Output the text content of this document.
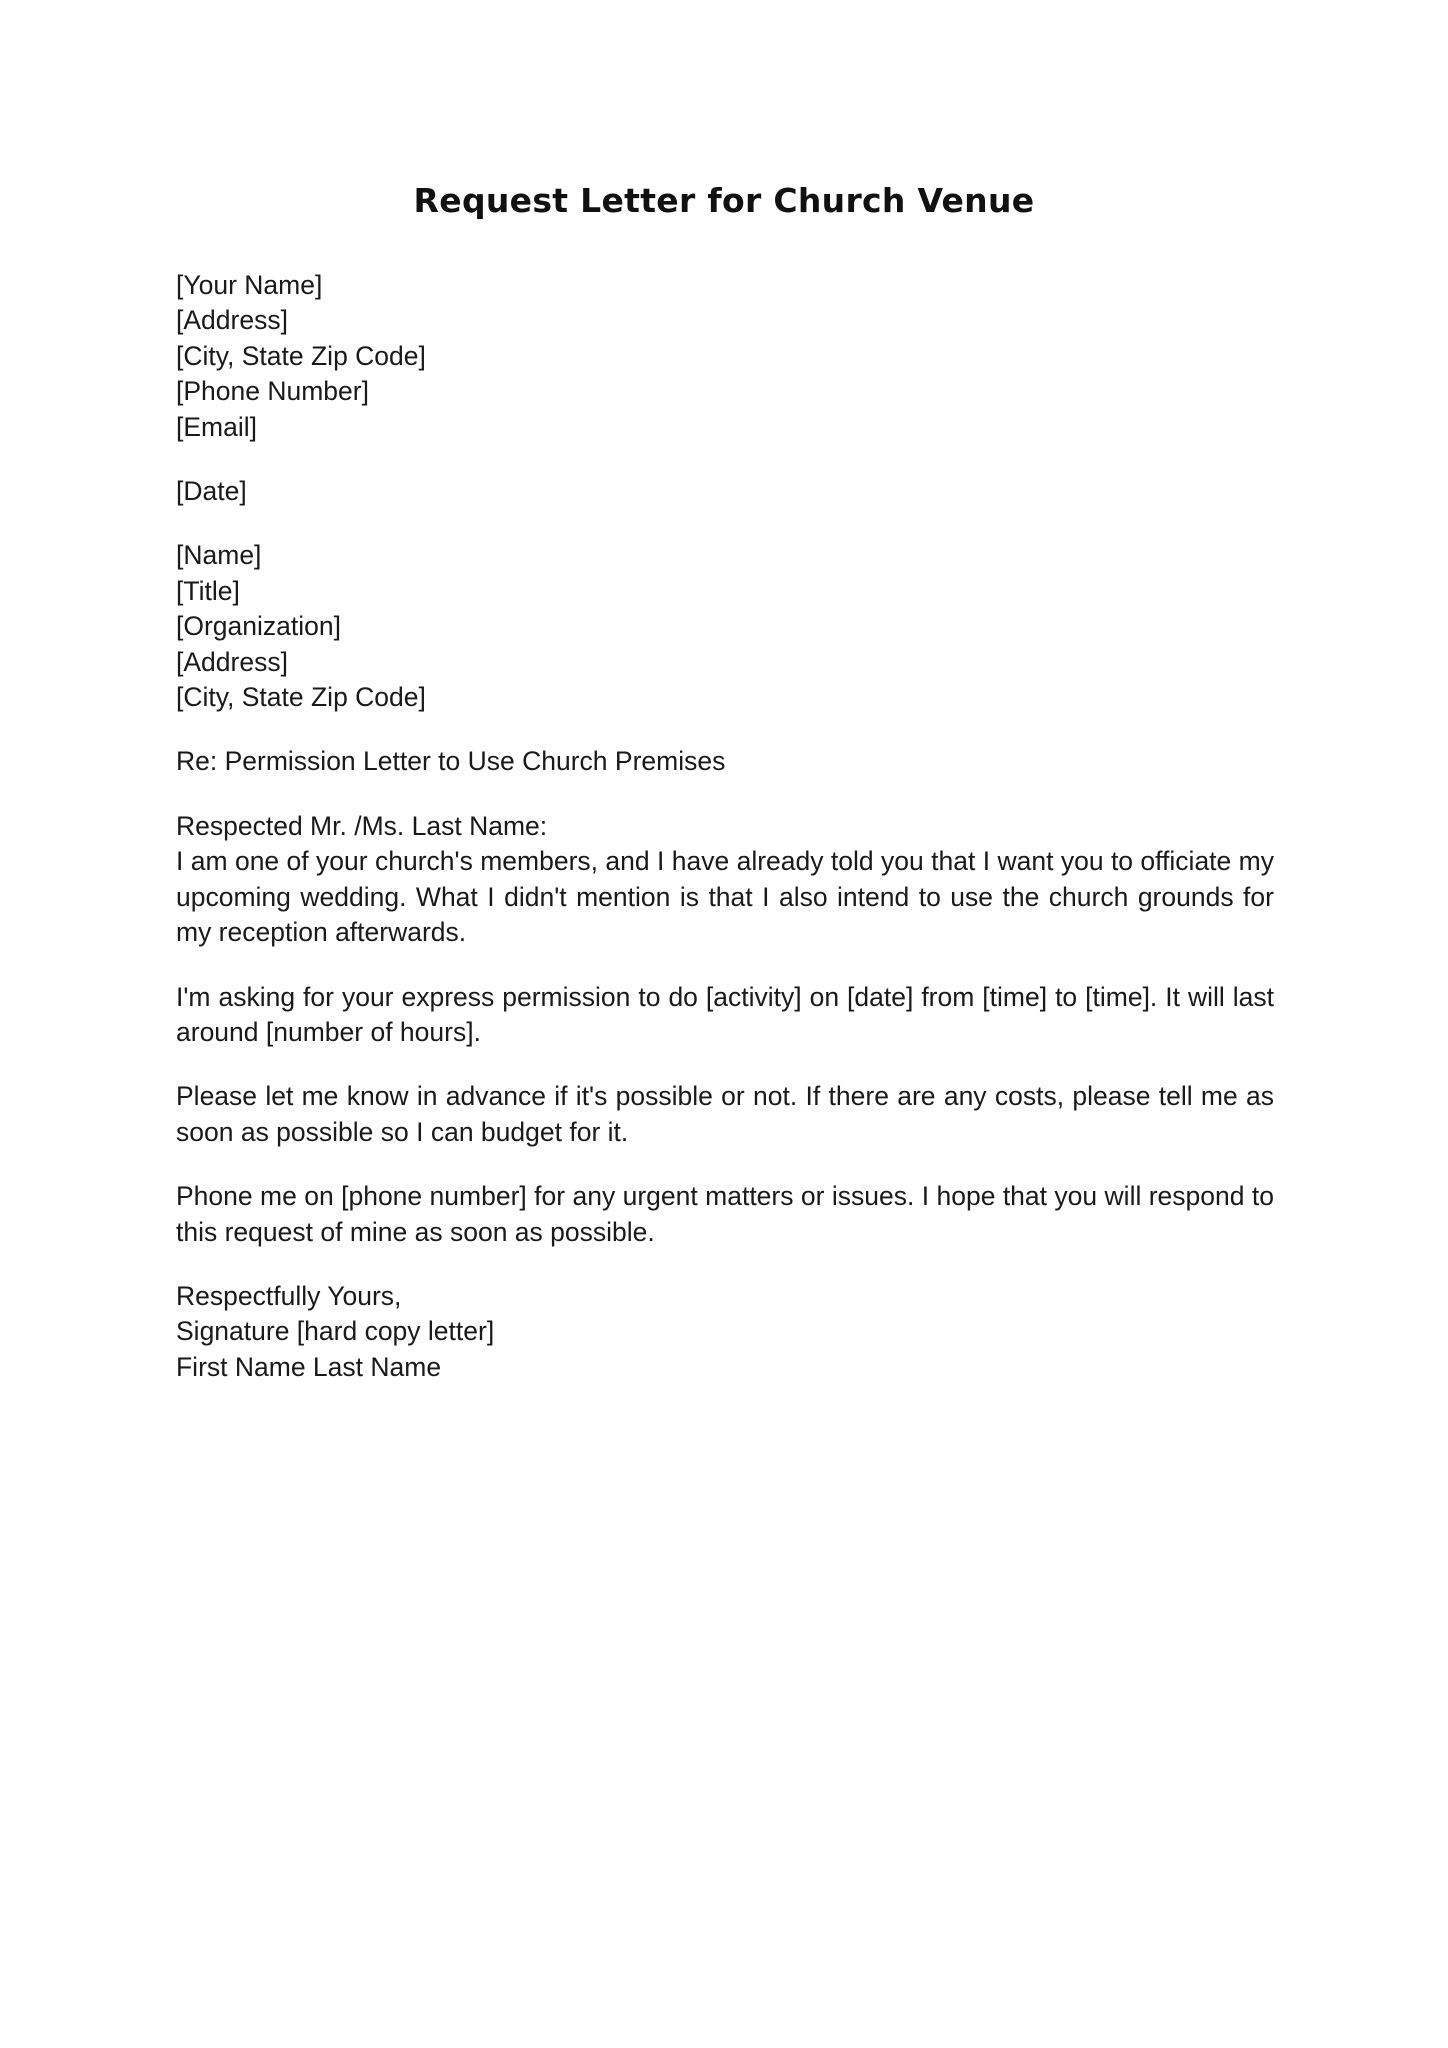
Request Letter for Church Venue
[Your Name]
[Address]
[City, State Zip Code]
[Phone Number]
[Email]
[Date]
[Name]
[Title]
[Organization]
[Address]
[City, State Zip Code]
Re: Permission Letter to Use Church Premises
Respected Mr. /Ms. Last Name:

I am one of your church's members, and I have already told you that I want you to officiate my upcoming wedding. What I didn't mention is that I also intend to use the church grounds for my reception afterwards.

I'm asking for your express permission to do [activity] on [date] from [time] to [time]. It will last around [number of hours].

Please let me know in advance if it's possible or not. If there are any costs, please tell me as soon as possible so I can budget for it.

Phone me on [phone number] for any urgent matters or issues. I hope that you will respond to this request of mine as soon as possible.

Respectfully Yours,
Signature [hard copy letter]
First Name Last Name
